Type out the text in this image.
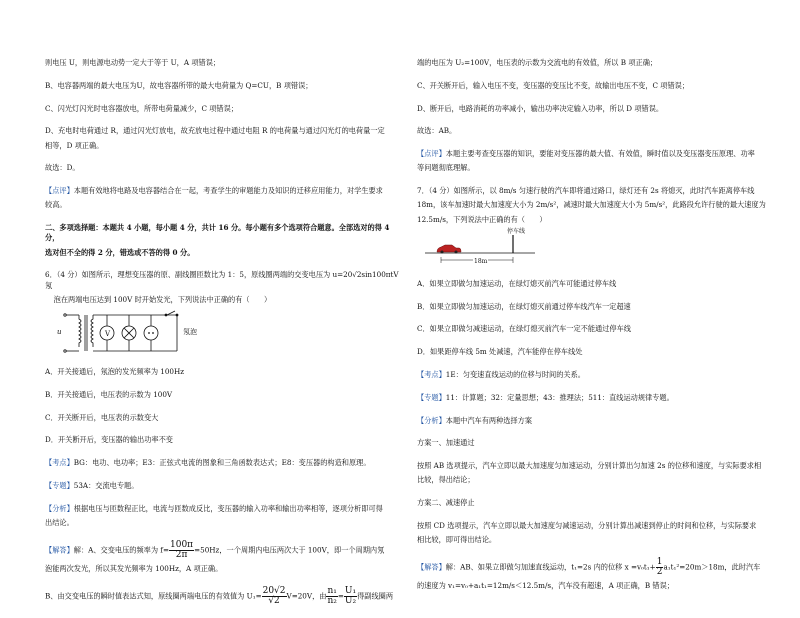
则电压 U，则电源电动势一定大于等于 U，A 项错误；

B、电容器两端的最大电压为U，故电容器所带的最大电荷量为 Q=CU，B 项错误；

C、闪光灯闪光时电容器放电，所带电荷量减少，C 项错误；

D、充电时电荷通过 R，通过闪光灯放电，故充放电过程中通过电阻 R 的电荷量与通过闪光灯的电荷量一定

相等，D 项正确。

故选：D。

【点评】本题有效地将电路及电容器结合在一起，考查学生的审题能力及知识的迁移应用能力，对学生要求

较高。

二、多项选择题：本题共 4 小题，每小题 4 分，共计 16 分。每小题有多个选项符合题意。全部选对的得 4 分，

选对但不全的得 2 分，错选或不答的得 0 分。

6．（4 分）如图所示，理想变压器的原、副线圈匝数比为 1：5，原线圈两端的交变电压为 u=20√2sin100πtV 氖

泡在两端电压达到 100V 时开始发光，下列说法中正确的有（　　）

V
u	氖泡

A．开关接通后，氖泡的发光频率为 100Hz

B．开关接通后，电压表的示数为 100V

C．开关断开后，电压表的示数变大

D．开关断开后，变压器的输出功率不变

【考点】BG：电功、电功率；E3：正弦式电流的图象和三角函数表达式；E8：变压器的构造和原理。

【专题】53A：交流电专题。

【分析】根据电压与匝数程正比，电流与匝数成反比，变压器的输入功率和输出功率相等，逐项分析即可得

出结论。

【解答】解：A、交变电压的频率为 $f= \frac{100\pi}{2\pi} =50Hz$，一个周期内电压两次大于 100V，即一个周期内氖

泡能两次发光，所以其发光频率为 100Hz，A 项正确。

B、由交变电压的瞬时值表达式知，原线圈两端电压的有效值为 $U_1= \frac{20√2}{√2} V=20V$，由 $\frac{\text{n₁}}{\text{n₂}} = \frac{\text{U₁}}{\text{U₂}}$ 得副线圈两

端的电压为 U₂=100V，电压表的示数为交流电的有效值，所以 B 项正确；

C、开关断开后，输入电压不变，变压器的变压比不变，故输出电压不变，C 项错误；

D、断开后，电路消耗的功率减小，输出功率决定输入功率，所以 D 项错误。

故选：AB。

【点评】本题主要考查变压器的知识，要能对变压器的最大值、有效值，瞬时值以及变压器变压原理、功率

等问题彻底理解。

7．（4 分）如图所示，以 8m/s 匀速行驶的汽车即将通过路口，绿灯还有 2s 将熄灭，此时汽车距离停车线

18m，该车加速时最大加速度大小为 2m/s²，减速时最大加速度大小为 5m/s²，此路段允许行驶的最大速度为

12.5m/s，下列说法中正确的有（　　）

停车线
18m

A．如果立即做匀加速运动，在绿灯熄灭前汽车可能通过停车线

B．如果立即做匀加速运动，在绿灯熄灭前通过停车线汽车一定超速

C．如果立即做匀减速运动，在绿灯熄灭前汽车一定不能通过停车线

D．如果距停车线 5m 处减速，汽车能停在停车线处

【考点】1E：匀变速直线运动的位移与时间的关系。

【专题】11：计算题；32：定量思想；43：推理法；511：直线运动规律专题。

【分析】本题中汽车有两种选择方案

方案一、加速通过

按照 AB 选项提示，汽车立即以最大加速度匀加速运动，分别计算出匀加速 2s 的位移和速度，与实际要求相

比较，得出结论；

方案二、减速停止

按照 CD 选项提示，汽车立即以最大加速度匀减速运动，分别计算出减速到停止的时间和位移，与实际要求

相比较，即可得出结论。

【解答】解：AB、如果立即做匀加速直线运动，t₁=2s 内的位移 $x =v_0t_1+ \frac{1}{2} a_1t_1^2=20m>18m$，此时汽车

的速度为 v₁=v₀+a₁t₁=12m/s＜12.5m/s，汽车没有超速，A 项正确，B 错误；
